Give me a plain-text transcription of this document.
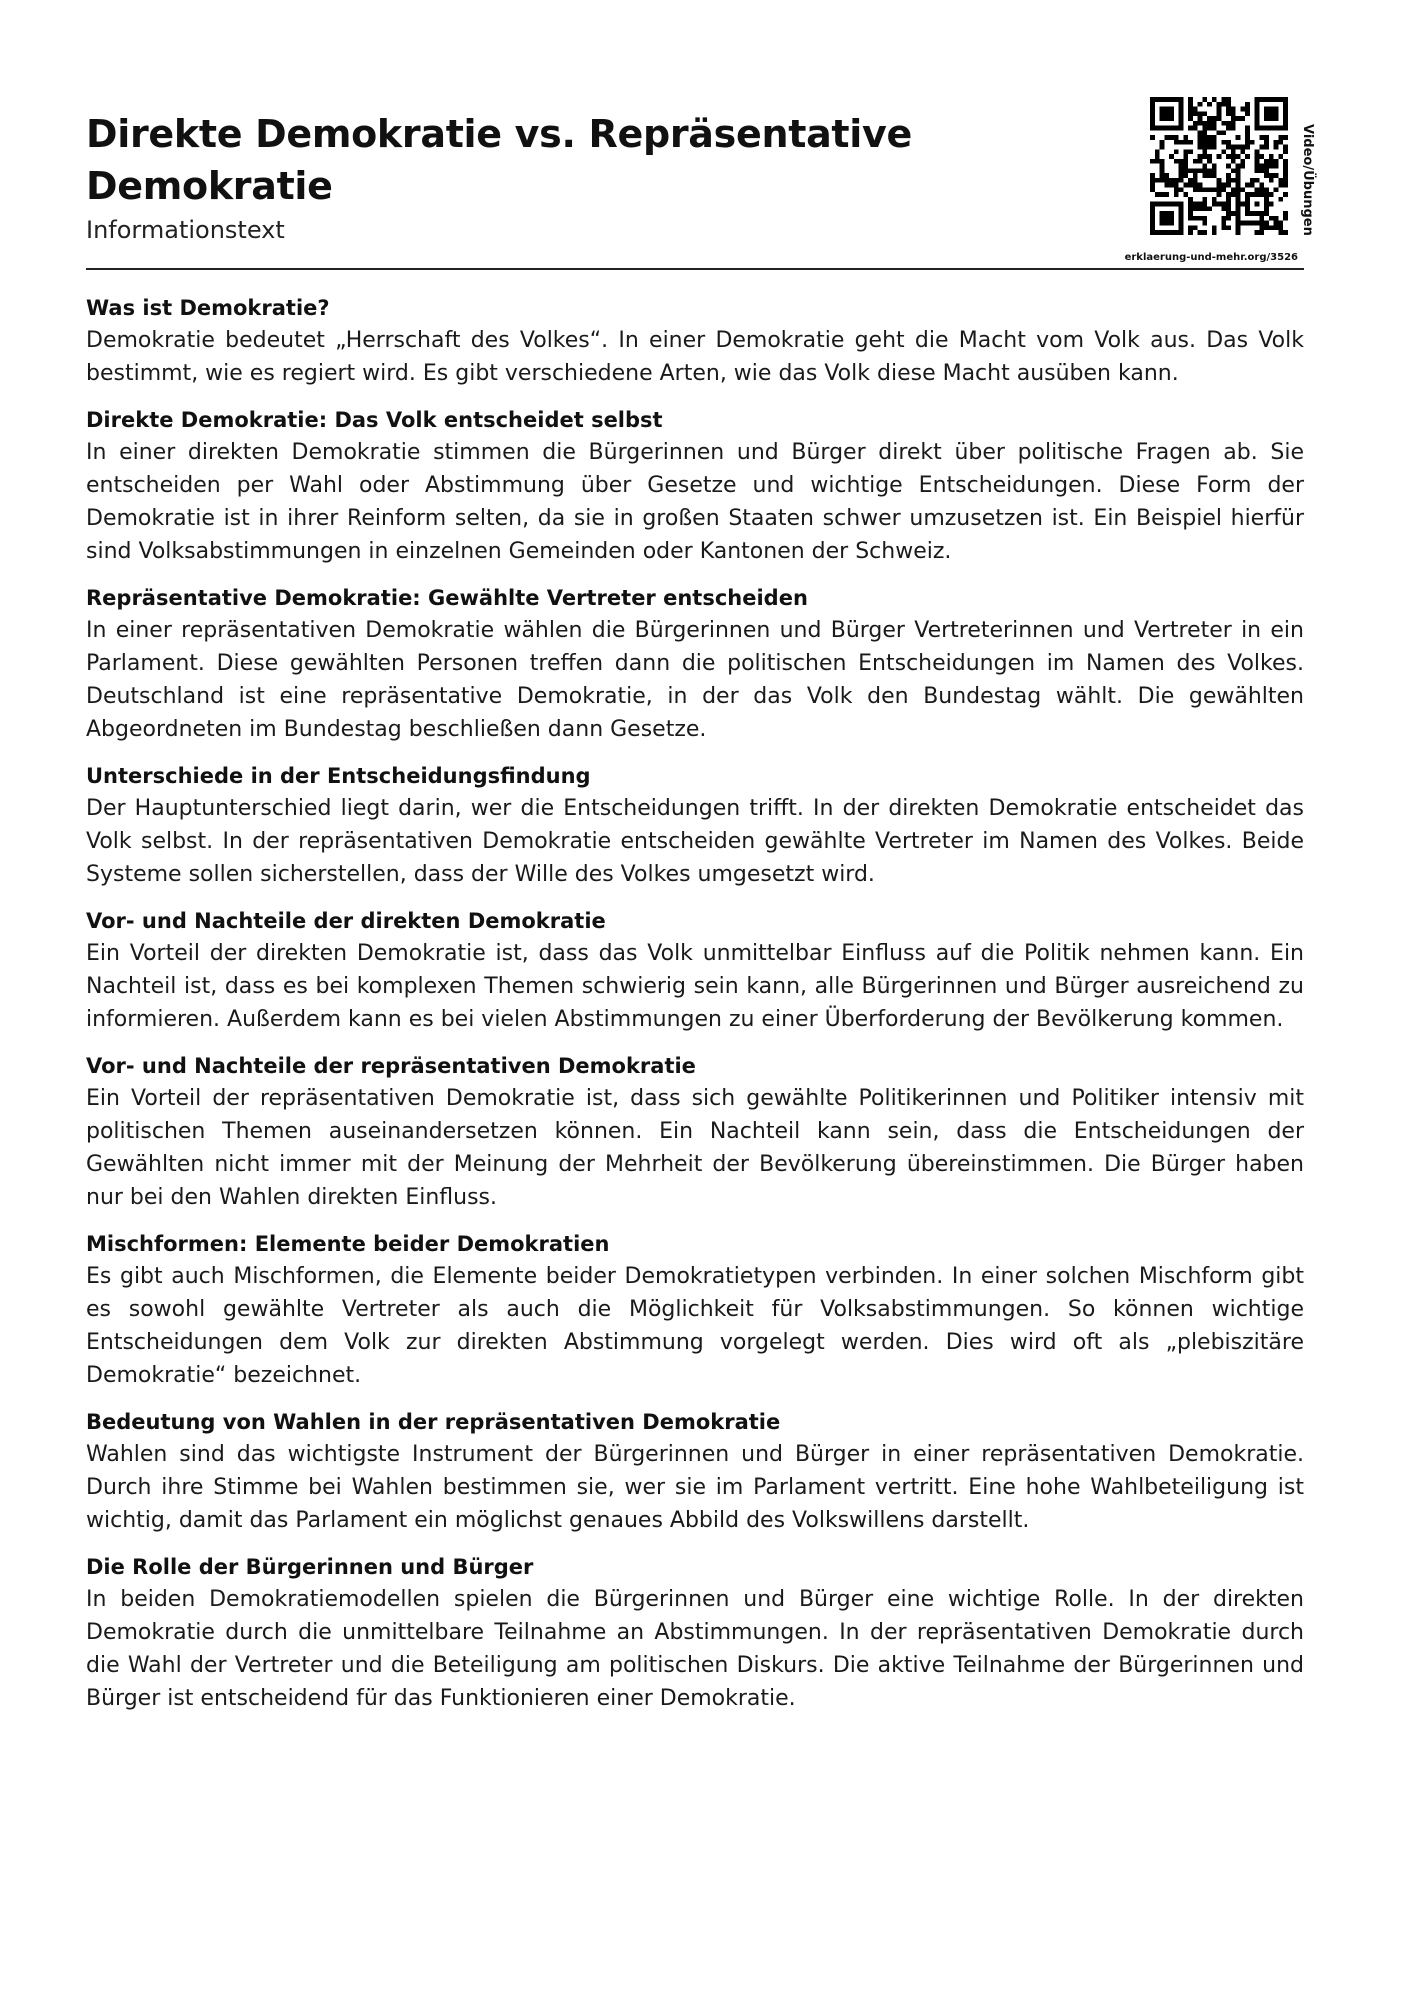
Direkte Demokratie vs. Repräsentative Demokratie
Informationstext	Video/Übungen
erklaerung-und-mehr.org/3526
Was ist Demokratie?

Demokratie bedeutet „Herrschaft des Volkes“. In einer Demokratie geht die Macht vom Volk aus. Das Volk bestimmt, wie es regiert wird. Es gibt verschiedene Arten, wie das Volk diese Macht ausüben kann.

Direkte Demokratie: Das Volk entscheidet selbst

In einer direkten Demokratie stimmen die Bürgerinnen und Bürger direkt über politische Fragen ab. Sie entscheiden per Wahl oder Abstimmung über Gesetze und wichtige Entscheidungen. Diese Form der Demokratie ist in ihrer Reinform selten, da sie in großen Staaten schwer umzusetzen ist. Ein Beispiel hierfür sind Volksabstimmungen in einzelnen Gemeinden oder Kantonen der Schweiz.

Repräsentative Demokratie: Gewählte Vertreter entscheiden

In einer repräsentativen Demokratie wählen die Bürgerinnen und Bürger Vertreterinnen und Vertreter in ein Parlament. Diese gewählten Personen treffen dann die politischen Entscheidungen im Namen des Volkes. Deutschland ist eine repräsentative Demokratie, in der das Volk den Bundestag wählt. Die gewählten Abgeordneten im Bundestag beschließen dann Gesetze.

Unterschiede in der Entscheidungsfindung

Der Hauptunterschied liegt darin, wer die Entscheidungen trifft. In der direkten Demokratie entscheidet das Volk selbst. In der repräsentativen Demokratie entscheiden gewählte Vertreter im Namen des Volkes. Beide Systeme sollen sicherstellen, dass der Wille des Volkes umgesetzt wird.

Vor- und Nachteile der direkten Demokratie

Ein Vorteil der direkten Demokratie ist, dass das Volk unmittelbar Einfluss auf die Politik nehmen kann. Ein Nachteil ist, dass es bei komplexen Themen schwierig sein kann, alle Bürgerinnen und Bürger ausreichend zu informieren. Außerdem kann es bei vielen Abstimmungen zu einer Überforderung der Bevölkerung kommen.

Vor- und Nachteile der repräsentativen Demokratie

Ein Vorteil der repräsentativen Demokratie ist, dass sich gewählte Politikerinnen und Politiker intensiv mit politischen Themen auseinandersetzen können. Ein Nachteil kann sein, dass die Entscheidungen der Gewählten nicht immer mit der Meinung der Mehrheit der Bevölkerung übereinstimmen. Die Bürger haben nur bei den Wahlen direkten Einfluss.

Mischformen: Elemente beider Demokratien

Es gibt auch Mischformen, die Elemente beider Demokratietypen verbinden. In einer solchen Mischform gibt es sowohl gewählte Vertreter als auch die Möglichkeit für Volksabstimmungen. So können wichtige Entscheidungen dem Volk zur direkten Abstimmung vorgelegt werden. Dies wird oft als „plebiszitäre Demokratie“ bezeichnet.

Bedeutung von Wahlen in der repräsentativen Demokratie

Wahlen sind das wichtigste Instrument der Bürgerinnen und Bürger in einer repräsentativen Demokratie. Durch ihre Stimme bei Wahlen bestimmen sie, wer sie im Parlament vertritt. Eine hohe Wahlbeteiligung ist wichtig, damit das Parlament ein möglichst genaues Abbild des Volkswillens darstellt.

Die Rolle der Bürgerinnen und Bürger

In beiden Demokratiemodellen spielen die Bürgerinnen und Bürger eine wichtige Rolle. In der direkten Demokratie durch die unmittelbare Teilnahme an Abstimmungen. In der repräsentativen Demokratie durch die Wahl der Vertreter und die Beteiligung am politischen Diskurs. Die aktive Teilnahme der Bürgerinnen und Bürger ist entscheidend für das Funktionieren einer Demokratie.
